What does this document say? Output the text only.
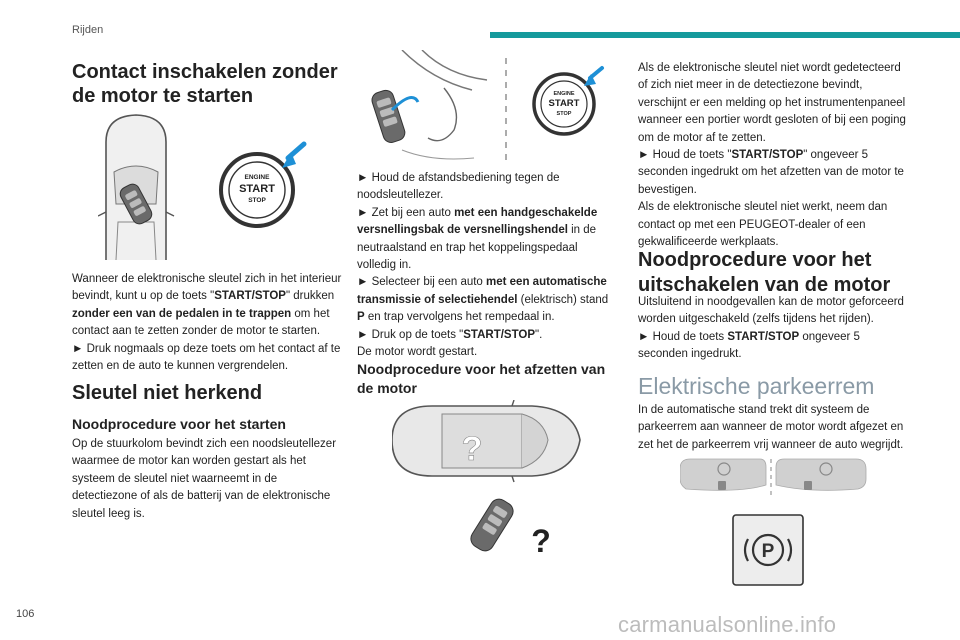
Rijden
Contact inschakelen zonder de motor te starten
ENGINE
START
STOP

Wanneer de elektronische sleutel zich in het interieur bevindt, kunt u op de toets "START/STOP" drukken zonder een van de pedalen in te trappen om het contact aan te zetten zonder de motor te starten.
► Druk nogmaals op deze toets om het contact af te zetten en de auto te kunnen vergrendelen.

Sleutel niet herkend
Noodprocedure voor het starten

Op de stuurkolom bevindt zich een noodsleutellezer waarmee de motor kan worden gestart als het systeem de sleutel niet waarneemt in de detectiezone of als de batterij van de elektronische sleutel leeg is.

ENGINE
START
STOP

► Houd de afstandsbediening tegen de noodsleutellezer.
► Zet bij een auto met een handgeschakelde versnellingsbak de versnellingshendel in de neutraalstand en trap het koppelingspedaal volledig in.
► Selecteer bij een auto met een automatische transmissie of selectiehendel (elektrisch) stand P en trap vervolgens het rempedaal in.
► Druk op de toets "START/STOP".
De motor wordt gestart.

Noodprocedure voor het afzetten van de motor
?
?

Als de elektronische sleutel niet wordt gedetecteerd of zich niet meer in de detectiezone bevindt, verschijnt er een melding op het instrumentenpaneel wanneer een portier wordt gesloten of bij een poging om de motor af te zetten.
► Houd de toets "START/STOP" ongeveer 5 seconden ingedrukt om het afzetten van de motor te bevestigen.
Als de elektronische sleutel niet werkt, neem dan contact op met een PEUGEOT-dealer of een gekwalificeerde werkplaats.

Noodprocedure voor het uitschakelen van de motor

Uitsluitend in noodgevallen kan de motor geforceerd worden uitgeschakeld (zelfs tijdens het rijden).
► Houd de toets START/STOP ongeveer 5 seconden ingedrukt.

Elektrische parkeerrem

In de automatische stand trekt dit systeem de parkeerrem aan wanneer de motor wordt afgezet en zet het de parkeerrem vrij wanneer de auto wegrijdt.

P
106	carmanualsonline.info
